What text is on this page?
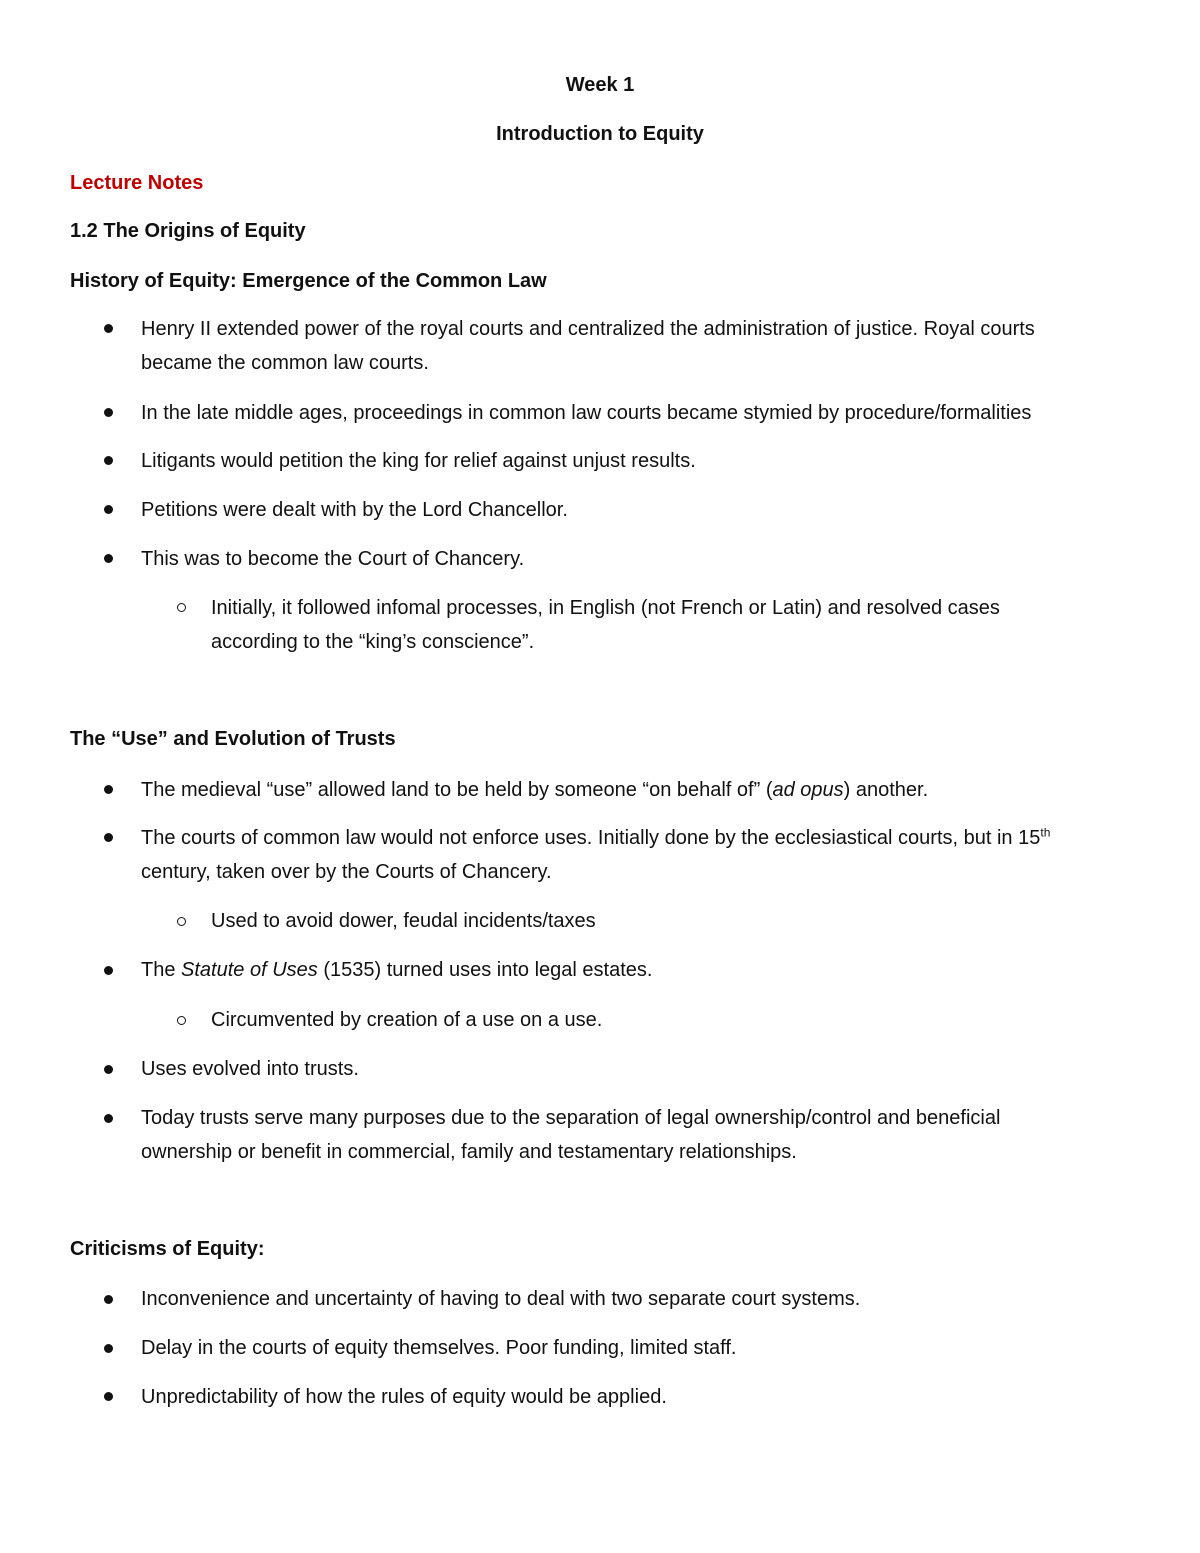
Week 1
Introduction to Equity
Lecture Notes
1.2 The Origins of Equity
History of Equity: Emergence of the Common Law
Henry II extended power of the royal courts and centralized the administration of justice. Royal courts
became the common law courts.
In the late middle ages, proceedings in common law courts became stymied by procedure/formalities
Litigants would petition the king for relief against unjust results.
Petitions were dealt with by the Lord Chancellor.
This was to become the Court of Chancery.
Initially, it followed infomal processes, in English (not French or Latin) and resolved cases
according to the “king’s conscience”.
The “Use” and Evolution of Trusts
The medieval “use” allowed land to be held by someone “on behalf of” (ad opus) another.
The courts of common law would not enforce uses. Initially done by the ecclesiastical courts, but in 15th
century, taken over by the Courts of Chancery.
Used to avoid dower, feudal incidents/taxes
The Statute of Uses (1535) turned uses into legal estates.
Circumvented by creation of a use on a use.
Uses evolved into trusts.
Today trusts serve many purposes due to the separation of legal ownership/control and beneficial
ownership or benefit in commercial, family and testamentary relationships.
Criticisms of Equity:
Inconvenience and uncertainty of having to deal with two separate court systems.
Delay in the courts of equity themselves. Poor funding, limited staff.
Unpredictability of how the rules of equity would be applied.
